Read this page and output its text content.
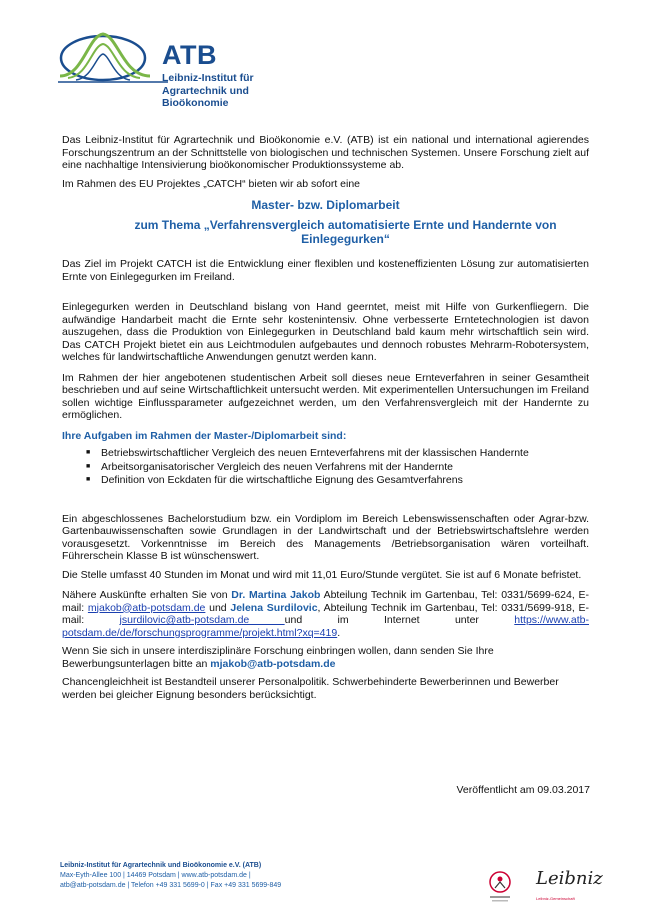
ATB
Leibniz-Institut für
Agrartechnik und Bioökonomie

Das Leibniz-Institut für Agrartechnik und Bioökonomie e.V. (ATB) ist ein national und international agierendes Forschungszentrum an der Schnittstelle von biologischen und technischen Systemen. Unsere Forschung zielt auf eine nachhaltige Intensivierung bioökonomischer Produktionssysteme ab.

Im Rahmen des EU Projektes „CATCH“ bieten wir ab sofort eine

Master- bzw. Diplomarbeit
zum Thema „Verfahrensvergleich automatisierte Ernte und Handernte von Einlegegurken“

Das Ziel im Projekt CATCH ist die Entwicklung einer flexiblen und kosteneffizienten Lösung zur automatisierten Ernte von Einlegegurken im Freiland.

Einlegegurken werden in Deutschland bislang von Hand geerntet, meist mit Hilfe von Gurkenfliegern. Die aufwändige Handarbeit macht die Ernte sehr kostenintensiv. Ohne verbesserte Erntetechnologien ist davon auszugehen, dass die Produktion von Einlegegurken in Deutschland bald kaum mehr wirtschaftlich sein wird. Das CATCH Projekt bietet ein aus Leichtmodulen aufgebautes und dennoch robustes Mehrarm-Robotersystem, welches für landwirtschaftliche Anwendungen genutzt werden kann.

Im Rahmen der hier angebotenen studentischen Arbeit soll dieses neue Ernteverfahren in seiner Gesamtheit beschrieben und auf seine Wirtschaftlichkeit untersucht werden. Mit experimentellen Untersuchungen im Freiland sollen wichtige Einflussparameter aufgezeichnet werden, um den Verfahrensvergleich mit der Handernte zu ermöglichen.

Ihre Aufgaben im Rahmen der Master-/Diplomarbeit sind:
■ Betriebswirtschaftlicher Vergleich des neuen Ernteverfahrens mit der klassischen Handernte
■ Arbeitsorganisatorischer Vergleich des neuen Verfahrens mit der Handernte
■ Definition von Eckdaten für die wirtschaftliche Eignung des Gesamtverfahrens

Ein abgeschlossenes Bachelorstudium bzw. ein Vordiplom im Bereich Lebenswissenschaften oder Agrar-bzw. Gartenbauwissenschaften sowie Grundlagen in der Landwirtschaft und der Betriebswirtschaftslehre werden vorausgesetzt. Vorkenntnisse im Bereich des Managements /Betriebsorganisation wären vorteilhaft. Führerschein Klasse B ist wünschenswert.

Die Stelle umfasst 40 Stunden im Monat und wird mit 11,01 Euro/Stunde vergütet. Sie ist auf 6 Monate befristet.

Nähere Auskünfte erhalten Sie von Dr. Martina Jakob Abteilung Technik im Gartenbau, Tel: 0331/5699-624, E-mail: mjakob@atb-potsdam.de und Jelena Surdilovic, Abteilung Technik im Gartenbau, Tel: 0331/5699-918, E-mail: jsurdilovic@atb-potsdam.de und im Internet unter https://www.atb-potsdam.de/de/forschungsprogramme/projekt.html?xq=419.

Wenn Sie sich in unsere interdisziplinäre Forschung einbringen wollen, dann senden Sie Ihre Bewerbungsunterlagen bitte an mjakob@atb-potsdam.de

Chancengleichheit ist Bestandteil unserer Personalpolitik. Schwerbehinderte Bewerberinnen und Bewerber werden bei gleicher Eignung besonders berücksichtigt.

Veröffentlicht am 09.03.2017
Leibniz-Institut für Agrartechnik und Bioökonomie e.V. (ATB)
Max-Eyth-Allee 100 | 14469 Potsdam | www.atb-potsdam.de |
atb@atb-potsdam.de | Telefon +49 331 5699-0 | Fax +49 331 5699-849	Leibniz
Leibniz-Gemeinschaft
